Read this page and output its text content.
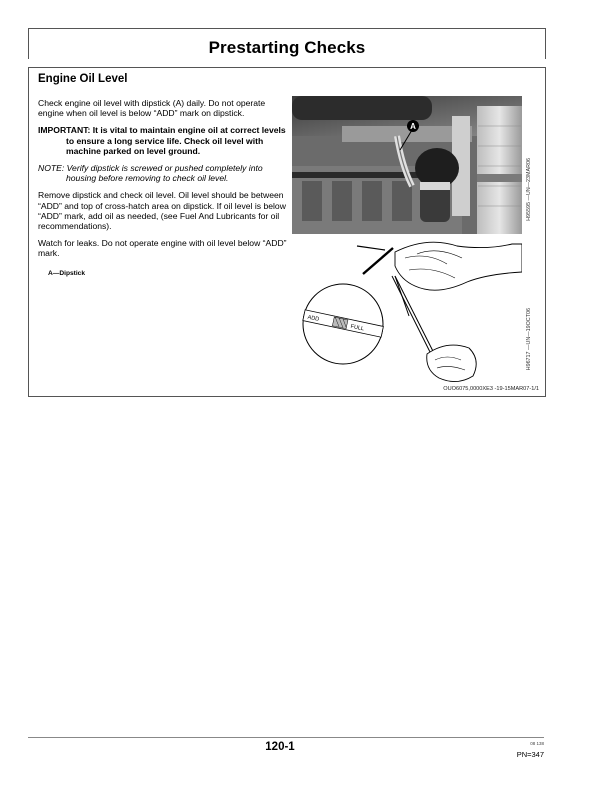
Prestarting Checks
Engine Oil Level

Check engine oil level with dipstick (A) daily. Do not operate engine when oil level is below “ADD” mark on dipstick.

IMPORTANT: It is vital to maintain engine oil at correct levels to ensure a long service life. Check oil level with machine parked on level ground.

NOTE: Verify dipstick is screwed or pushed completely into housing before removing to check oil level.

Remove dipstick and check oil level. Oil level should be between “ADD” and top of cross-hatch area on dipstick. If oil level is below “ADD” mark, add oil as needed, (see Fuel And Lubricants for oil recommendations).

Watch for leaks. Do not operate engine with oil level below “ADD” mark.

A—Dipstick

A
H95595 —UN—23MAR06
ADD
FULL	H96717 —UN—19OCT06
OUO6075,0000XE3 -19-15MAR07-1/1
120-1	08 138
PN=347
